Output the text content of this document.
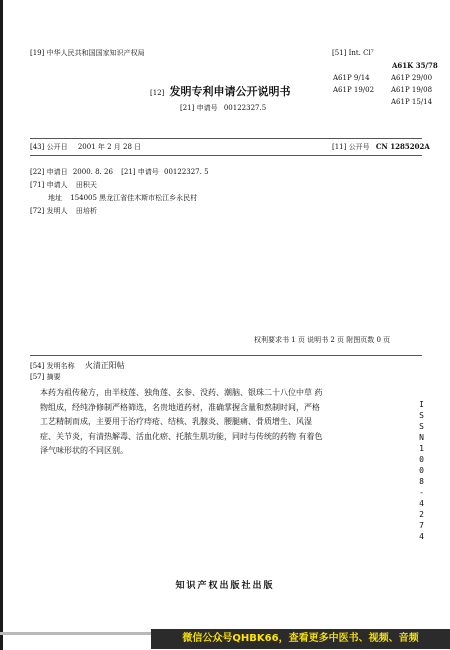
[19] 中华人民共和国国家知识产权局
[12] 发明专利申请公开说明书
[21] 申请号 00122327.5
[51] Int. Cl⁷
A61K 35/78
A61P 9/14	A61P 29/00
A61P 19/02 A61P 19/08
A61P 15/14
[43] 公开日 2001 年 2 月 28 日	[11] 公开号 CN 1285202A
[22] 申请日 2000. 8. 26 [21] 申请号 00122327. 5
[71] 申请人 田积天
地址 154005 黑龙江省佳木斯市松江乡永民村
[72] 发明人 田培析
权利要求书 1 页 说明书 2 页 附图页数 0 页
[54] 发明名称 火清正阳帖
[57] 摘要
本药为祖传秘方，由半枝莲、独角莲、玄参、没药、潮脑、银珠二十八位中草 药物组成，经纯净修制严格筛选，名贵地道药材，准确掌握含量和熬制时间，严格工艺精制而成，主要用于治疗痔疮、结核、乳腺炎、腰腿痛、骨质增生、风湿症、关节炎，有清热解毒、活血化瘀、托脓生肌功能，同时与传统的药物 有着色泽气味形状的不同区别。	ISSN1008-4274
知识产权出版社出版
微信公众号QHBK66，查看更多中医书、视频、音频
